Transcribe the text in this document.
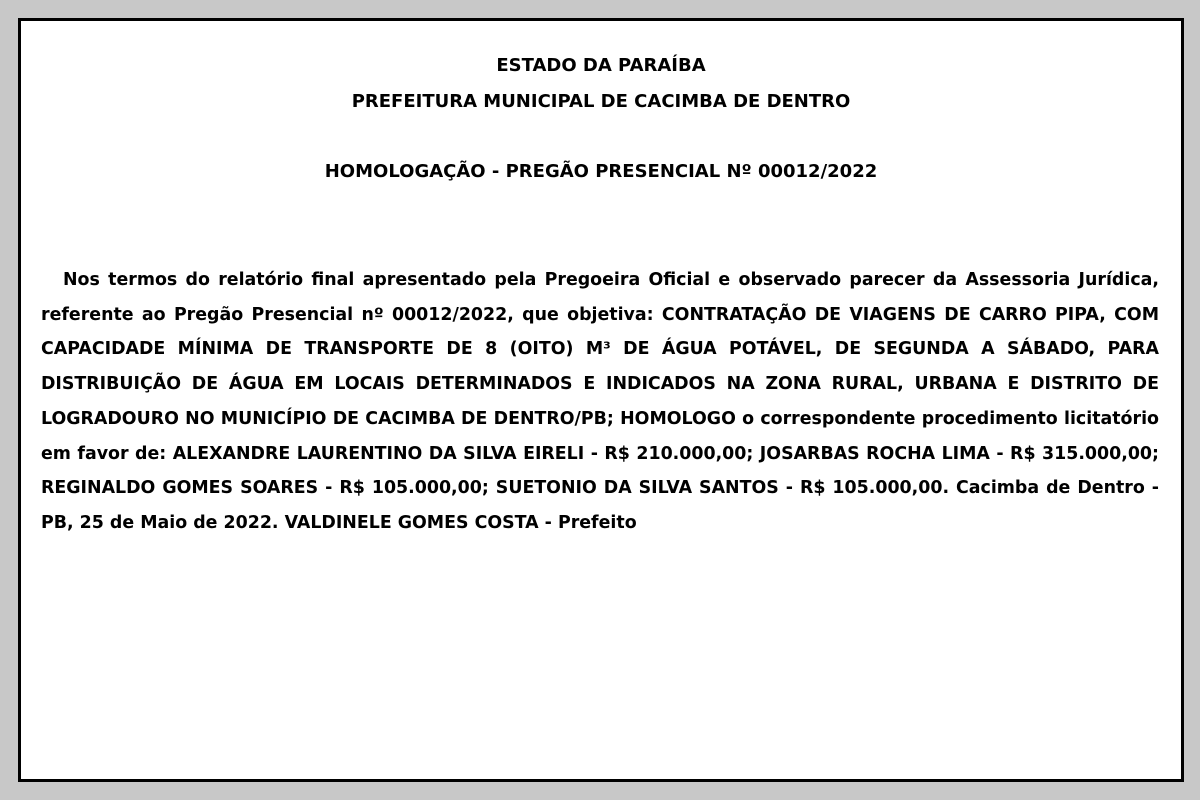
ESTADO DA PARAÍBA
PREFEITURA MUNICIPAL DE CACIMBA DE DENTRO
HOMOLOGAÇÃO - PREGÃO PRESENCIAL Nº 00012/2022

Nos termos do relatório final apresentado pela Pregoeira Oficial e observado parecer da Assessoria Jurídica, referente ao Pregão Presencial nº 00012/2022, que objetiva: CONTRATAÇÃO DE VIAGENS DE CARRO PIPA, COM CAPACIDADE MÍNIMA DE TRANSPORTE DE 8 (OITO) M³ DE ÁGUA POTÁVEL, DE SEGUNDA A SÁBADO, PARA DISTRIBUIÇÃO DE ÁGUA EM LOCAIS DETERMINADOS E INDICADOS NA ZONA RURAL, URBANA E DISTRITO DE LOGRADOURO NO MUNICÍPIO DE CACIMBA DE DENTRO/PB; HOMOLOGO o correspondente procedimento licitatório em favor de: ALEXANDRE LAURENTINO DA SILVA EIRELI - R$ 210.000,00; JOSARBAS ROCHA LIMA - R$ 315.000,00; REGINALDO GOMES SOARES - R$ 105.000,00; SUETONIO DA SILVA SANTOS - R$ 105.000,00. Cacimba de Dentro - PB, 25 de Maio de 2022. VALDINELE GOMES COSTA - Prefeito
